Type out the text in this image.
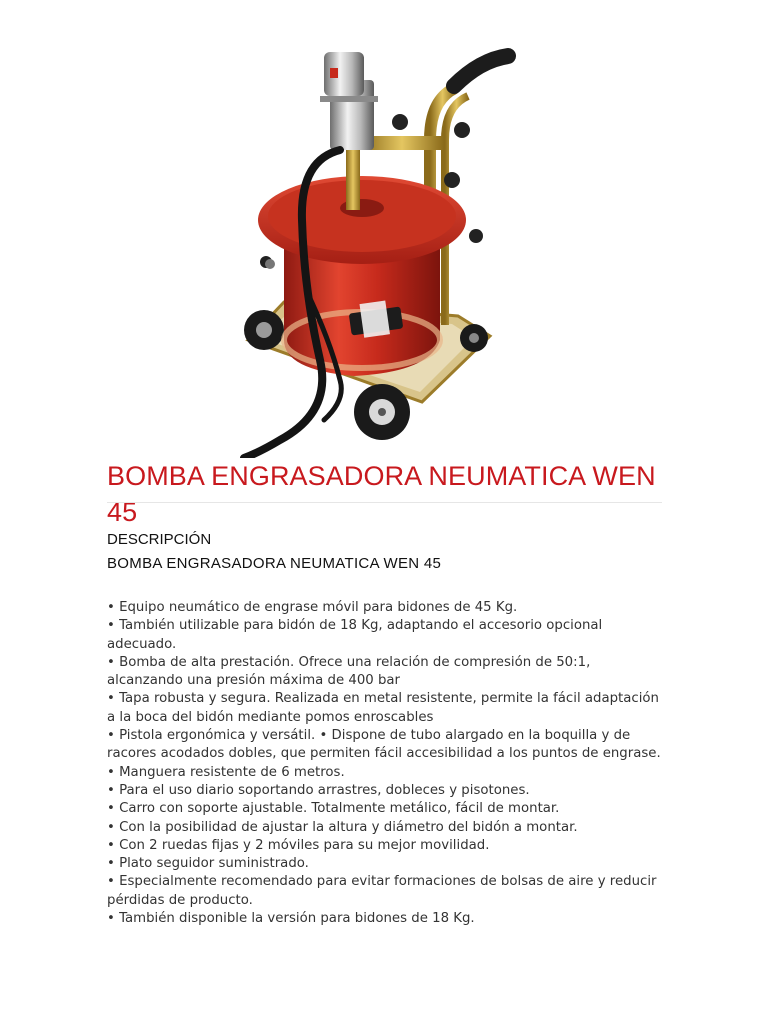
BOMBA ENGRASADORA NEUMATICA WEN 45
DESCRIPCIÓN
BOMBA ENGRASADORA NEUMATICA WEN 45
• Equipo neumático de engrase móvil para bidones de 45 Kg.
• También utilizable para bidón de 18 Kg, adaptando el accesorio opcional adecuado.
• Bomba de alta prestación. Ofrece una relación de compresión de 50:1, alcanzando una presión máxima de 400 bar
• Tapa robusta y segura. Realizada en metal resistente, permite la fácil adaptación a la boca del bidón mediante pomos enroscables
• Pistola ergonómica y versátil. • Dispone de tubo alargado en la boquilla y de racores acodados dobles, que permiten fácil accesibilidad a los puntos de engrase.
• Manguera resistente de 6 metros.
• Para el uso diario soportando arrastres, dobleces y pisotones.
• Carro con soporte ajustable. Totalmente metálico, fácil de montar.
• Con la posibilidad de ajustar la altura y diámetro del bidón a montar.
• Con 2 ruedas fijas y 2 móviles para su mejor movilidad.
• Plato seguidor suministrado.
• Especialmente recomendado para evitar formaciones de bolsas de aire y reducir pérdidas de producto.
• También disponible la versión para bidones de 18 Kg.
